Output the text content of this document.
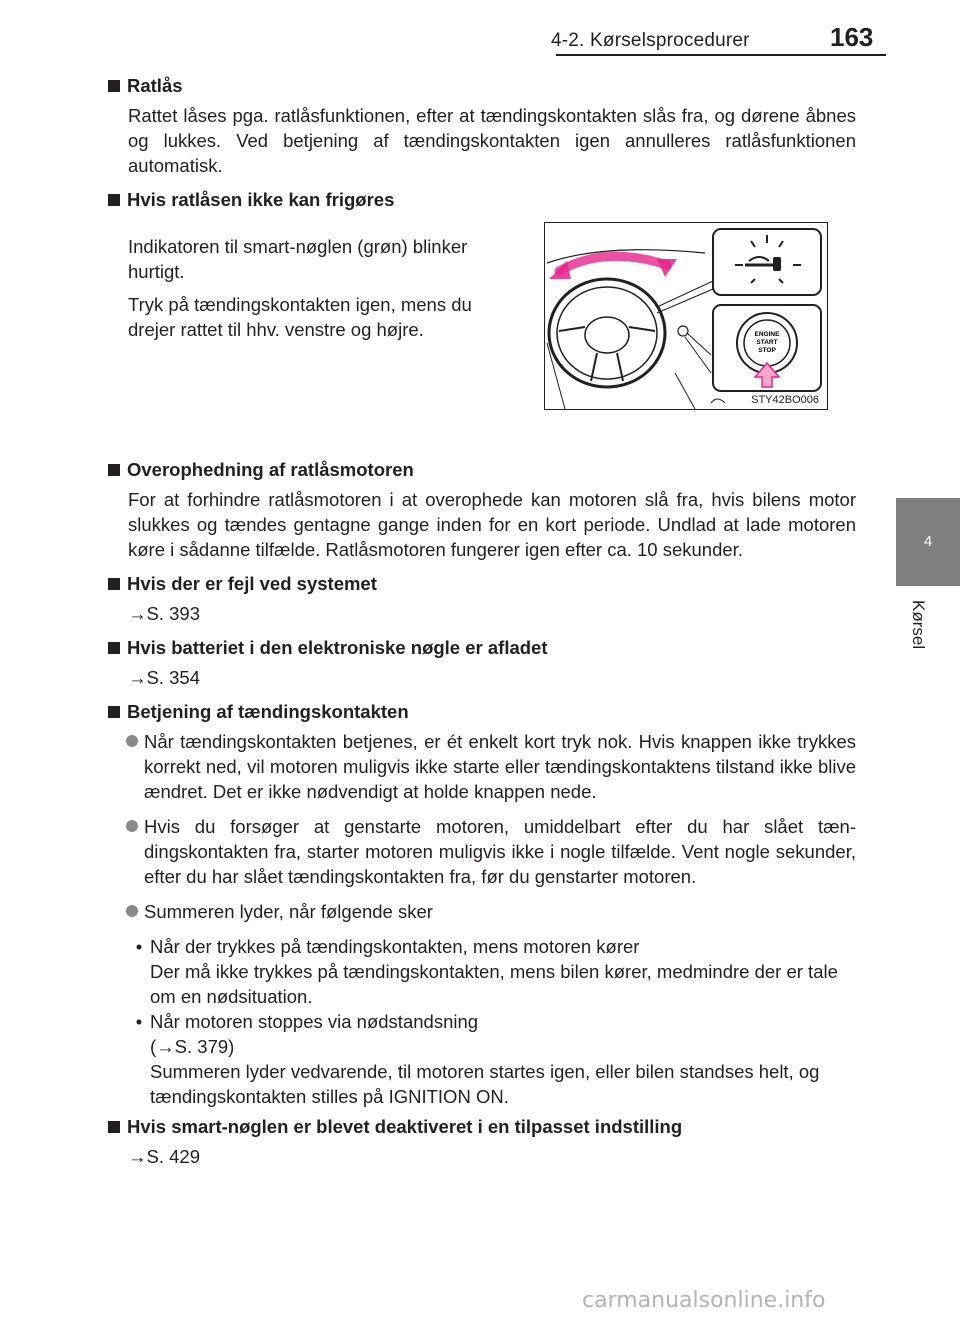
4-2. Kørselsprocedurer	163
4
Kørsel
Ratlås
Rattet låses pga. ratlåsfunktionen, efter at tændingskontakten slås fra, og dørene åbnes og lukkes. Ved betjening af tændingskontakten igen annulleres ratlåsfunktionen automatisk.
Hvis ratlåsen ikke kan frigøres

Indikatoren til smart-nøglen (grøn) blinker hurtigt.

Tryk på tændingskontakten igen, mens du drejer rattet til hhv. venstre og højre.

Overophedning af ratlåsmotoren
For at forhindre ratlåsmotoren i at overophede kan motoren slå fra, hvis bilens motor slukkes og tændes gentagne gange inden for en kort periode. Undlad at lade motoren køre i sådanne tilfælde. Ratlåsmotoren fungerer igen efter ca. 10 sekunder.
Hvis der er fejl ved systemet
→S. 393
Hvis batteriet i den elektroniske nøgle er afladet
→S. 354
Betjening af tændingskontakten
Når tændingskontakten betjenes, er ét enkelt kort tryk nok. Hvis knappen ikke trykkes korrekt ned, vil motoren muligvis ikke starte eller tændingskontaktens tilstand ikke blive ændret. Det er ikke nødvendigt at holde knappen nede.
Hvis du forsøger at genstarte motoren, umiddelbart efter du har slået tæn-dingskontakten fra, starter motoren muligvis ikke i nogle tilfælde. Vent nogle sekunder, efter du har slået tændingskontakten fra, før du genstarter motoren.
Summeren lyder, når følgende sker
• Når der trykkes på tændingskontakten, mens motoren kører
Der må ikke trykkes på tændingskontakten, mens bilen kører, medmindre der er tale om en nødsituation.
• Når motoren stoppes via nødstandsning
(→S. 379)
Summeren lyder vedvarende, til motoren startes igen, eller bilen standses helt, og tændingskontakten stilles på IGNITION ON.
Hvis smart-nøglen er blevet deaktiveret i en tilpasset indstilling
→S. 429
ENGINE
START
STOP
STY42BO006
carmanualsonline.info
